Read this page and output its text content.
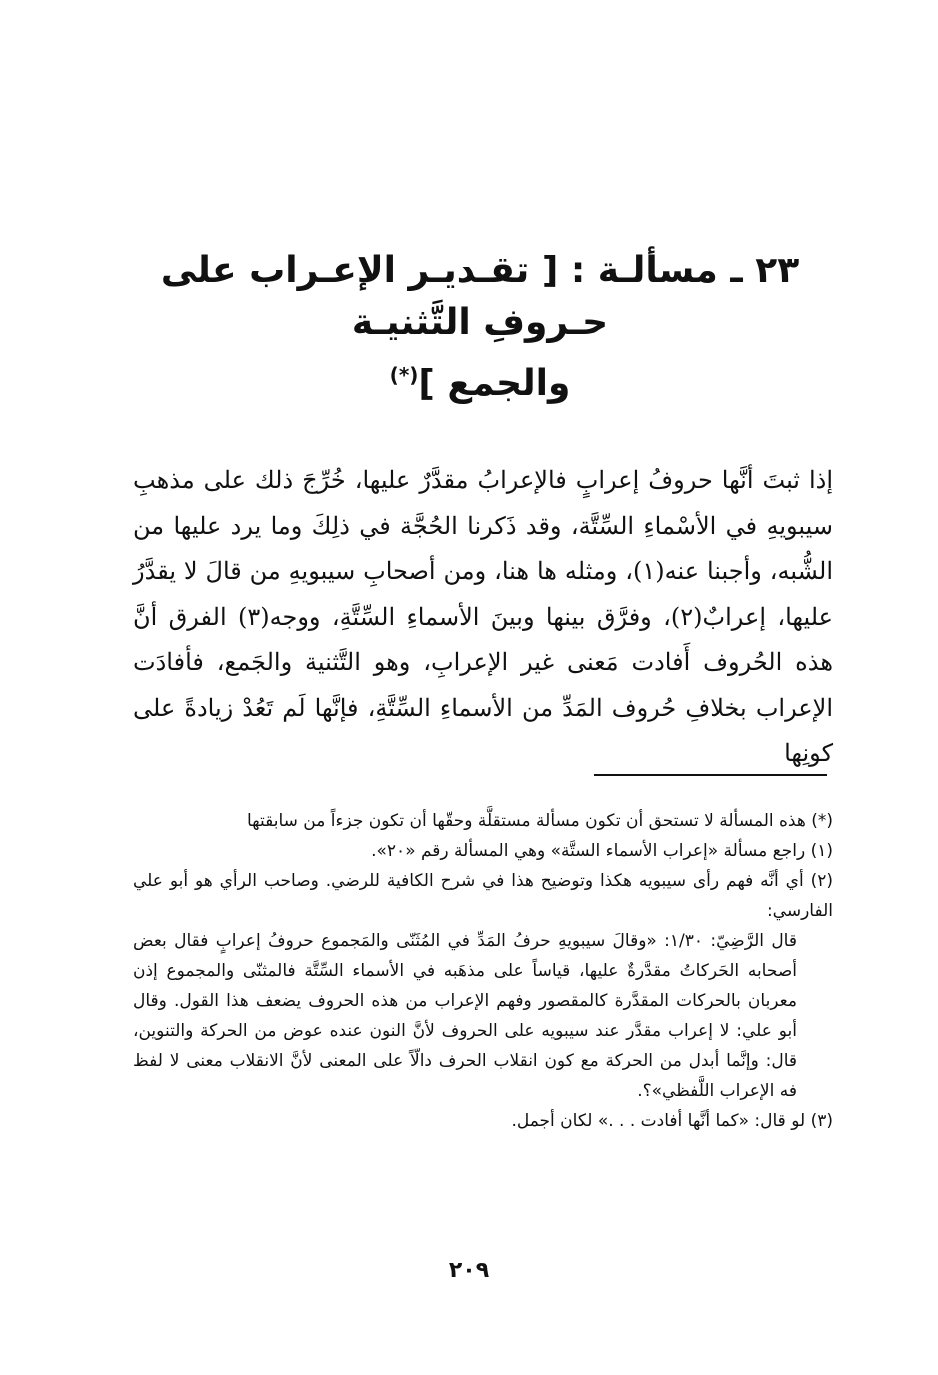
٢٣ ـ مسألـة : [ تقـديـر الإعـراب على حـروفِ التَّثنيـة
والجمع ](*)

إذا ثبتَ أنَّها حروفُ إعرابٍ فالإعرابُ مقدَّرٌ عليها، خُرِّجَ ذلك على مذهبِ سيبويهِ في الأسْماءِ السِّتَّة، وقد ذَكرنا الحُجَّة في ذلِكَ وما يرد عليها من الشُّبه، وأجبنا عنه(١)، ومثله ها هنا، ومن أصحابِ سيبويهِ من قالَ لا يقدَّرُ عليها، إعرابٌ(٢)، وفرَّق بينها وبينَ الأسماءِ السِّتَّةِ، ووجه(٣) الفرق أنَّ هذه الحُروف أَفادت مَعنى غير الإعرابِ، وهو التَّثنية والجَمع، فأفادَت الإعراب بخلافِ حُروف المَدِّ من الأسماءِ السِّتَّةِ، فإنَّها لَم تَعُدْ زيادةً على كونِها

(*) هذه المسألة لا تستحق أن تكون مسألة مستقلَّة وحقّها أن تكون جزءاً من سابقتها

(١) راجع مسألة «إعراب الأسماء الستَّة» وهي المسألة رقم «٢٠».

(٢) أي أنَّه فهم رأى سيبويه هكذا وتوضيح هذا في شرح الكافية للرضي. وصاحب الرأي هو أبو علي الفارسي:

قال الرَّضِيّ: ١/٣٠: «وقالَ سيبويهِ حرفُ المَدِّ في المُثَنّى والمَجموع حروفُ إعرابٍ فقال بعض أصحابه الحَركاتُ مقدَّرةٌ عليها، قياساً على مذهَبه في الأسماء السِّتَّة فالمثنّى والمجموع إذن معربان بالحركات المقدَّرة كالمقصور وفهم الإعراب من هذه الحروف يضعف هذا القول. وقال أبو علي: لا إعراب مقدَّر عند سيبويه على الحروف لأنَّ النون عنده عوض من الحركة والتنوين، قال: وإنَّما أبدل من الحركة مع كون انقلاب الحرف دالّاً على المعنى لأنَّ الانقلاب معنى لا لفظ فه الإعراب اللَّفظي»؟.

(٣) لو قال: «كما أنَّها أفادت . . .» لكان أجمل.

٢٠٩
